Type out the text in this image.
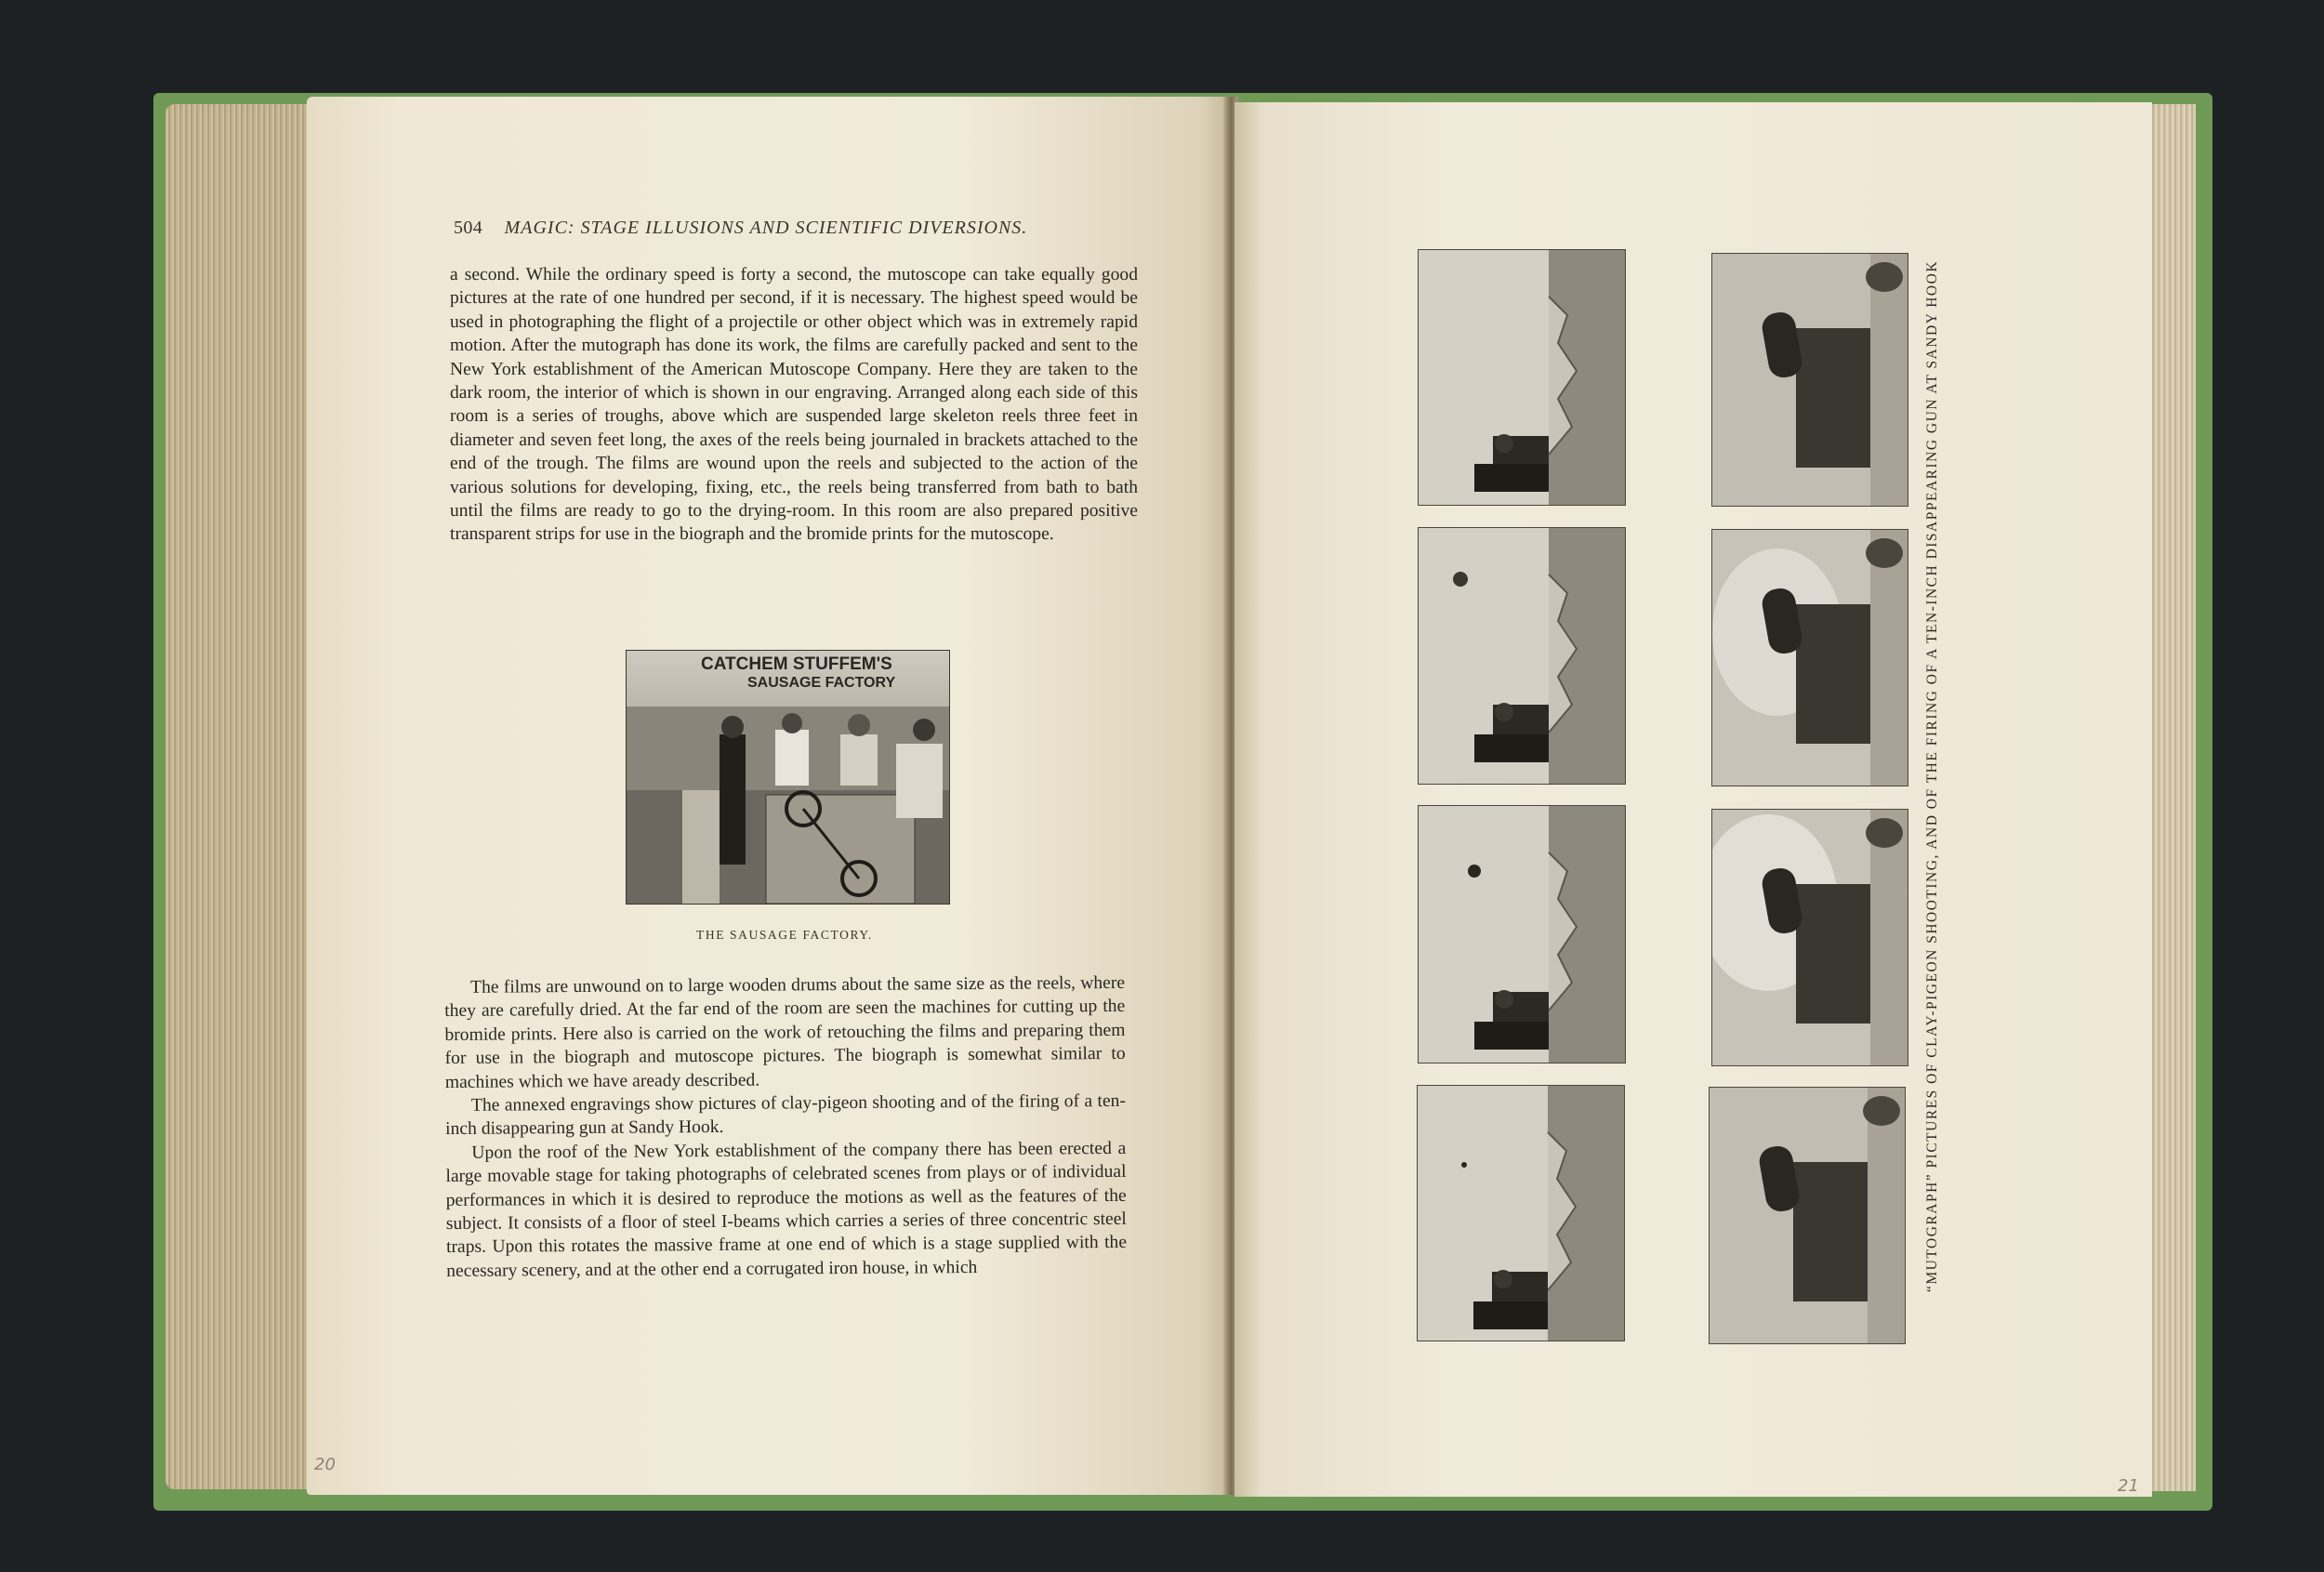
504 MAGIC: STAGE ILLUSIONS AND SCIENTIFIC DIVERSIONS.

a second. While the ordinary speed is forty a second, the mutoscope can take equally good pictures at the rate of one hundred per second, if it is necessary. The highest speed would be used in photographing the flight of a projectile or other object which was in extremely rapid motion. After the mutograph has done its work, the films are carefully packed and sent to the New York establishment of the American Mutoscope Company. Here they are taken to the dark room, the interior of which is shown in our engraving. Arranged along each side of this room is a series of troughs, above which are suspended large skeleton reels three feet in diameter and seven feet long, the axes of the reels being journaled in brackets attached to the end of the trough. The films are wound upon the reels and subjected to the action of the various solutions for developing, fixing, etc., the reels being transferred from bath to bath until the films are ready to go to the drying-room. In this room are also prepared positive transparent strips for use in the biograph and the bromide prints for the mutoscope.

CATCHEM STUFFEM'S
SAUSAGE FACTORY
THE SAUSAGE FACTORY.

The films are unwound on to large wooden drums about the same size as the reels, where they are carefully dried. At the far end of the room are seen the machines for cutting up the bromide prints. Here also is carried on the work of retouching the films and preparing them for use in the biograph and mutoscope pictures. The biograph is somewhat similar to machines which we have aready described.

The annexed engravings show pictures of clay-pigeon shooting and of the firing of a ten-inch disappearing gun at Sandy Hook.

Upon the roof of the New York establishment of the company there has been erected a large movable stage for taking photographs of celebrated scenes from plays or of individual performances in which it is desired to reproduce the motions as well as the features of the subject. It consists of a floor of steel I-beams which carries a series of three concentric steel traps. Upon this rotates the massive frame at one end of which is a stage supplied with the necessary scenery, and at the other end a corrugated iron house, in which

20
“MUTOGRAPH” PICTURES OF CLAY-PIGEON SHOOTING, AND OF THE FIRING OF A TEN-INCH DISAPPEARING GUN AT SANDY HOOK
21
